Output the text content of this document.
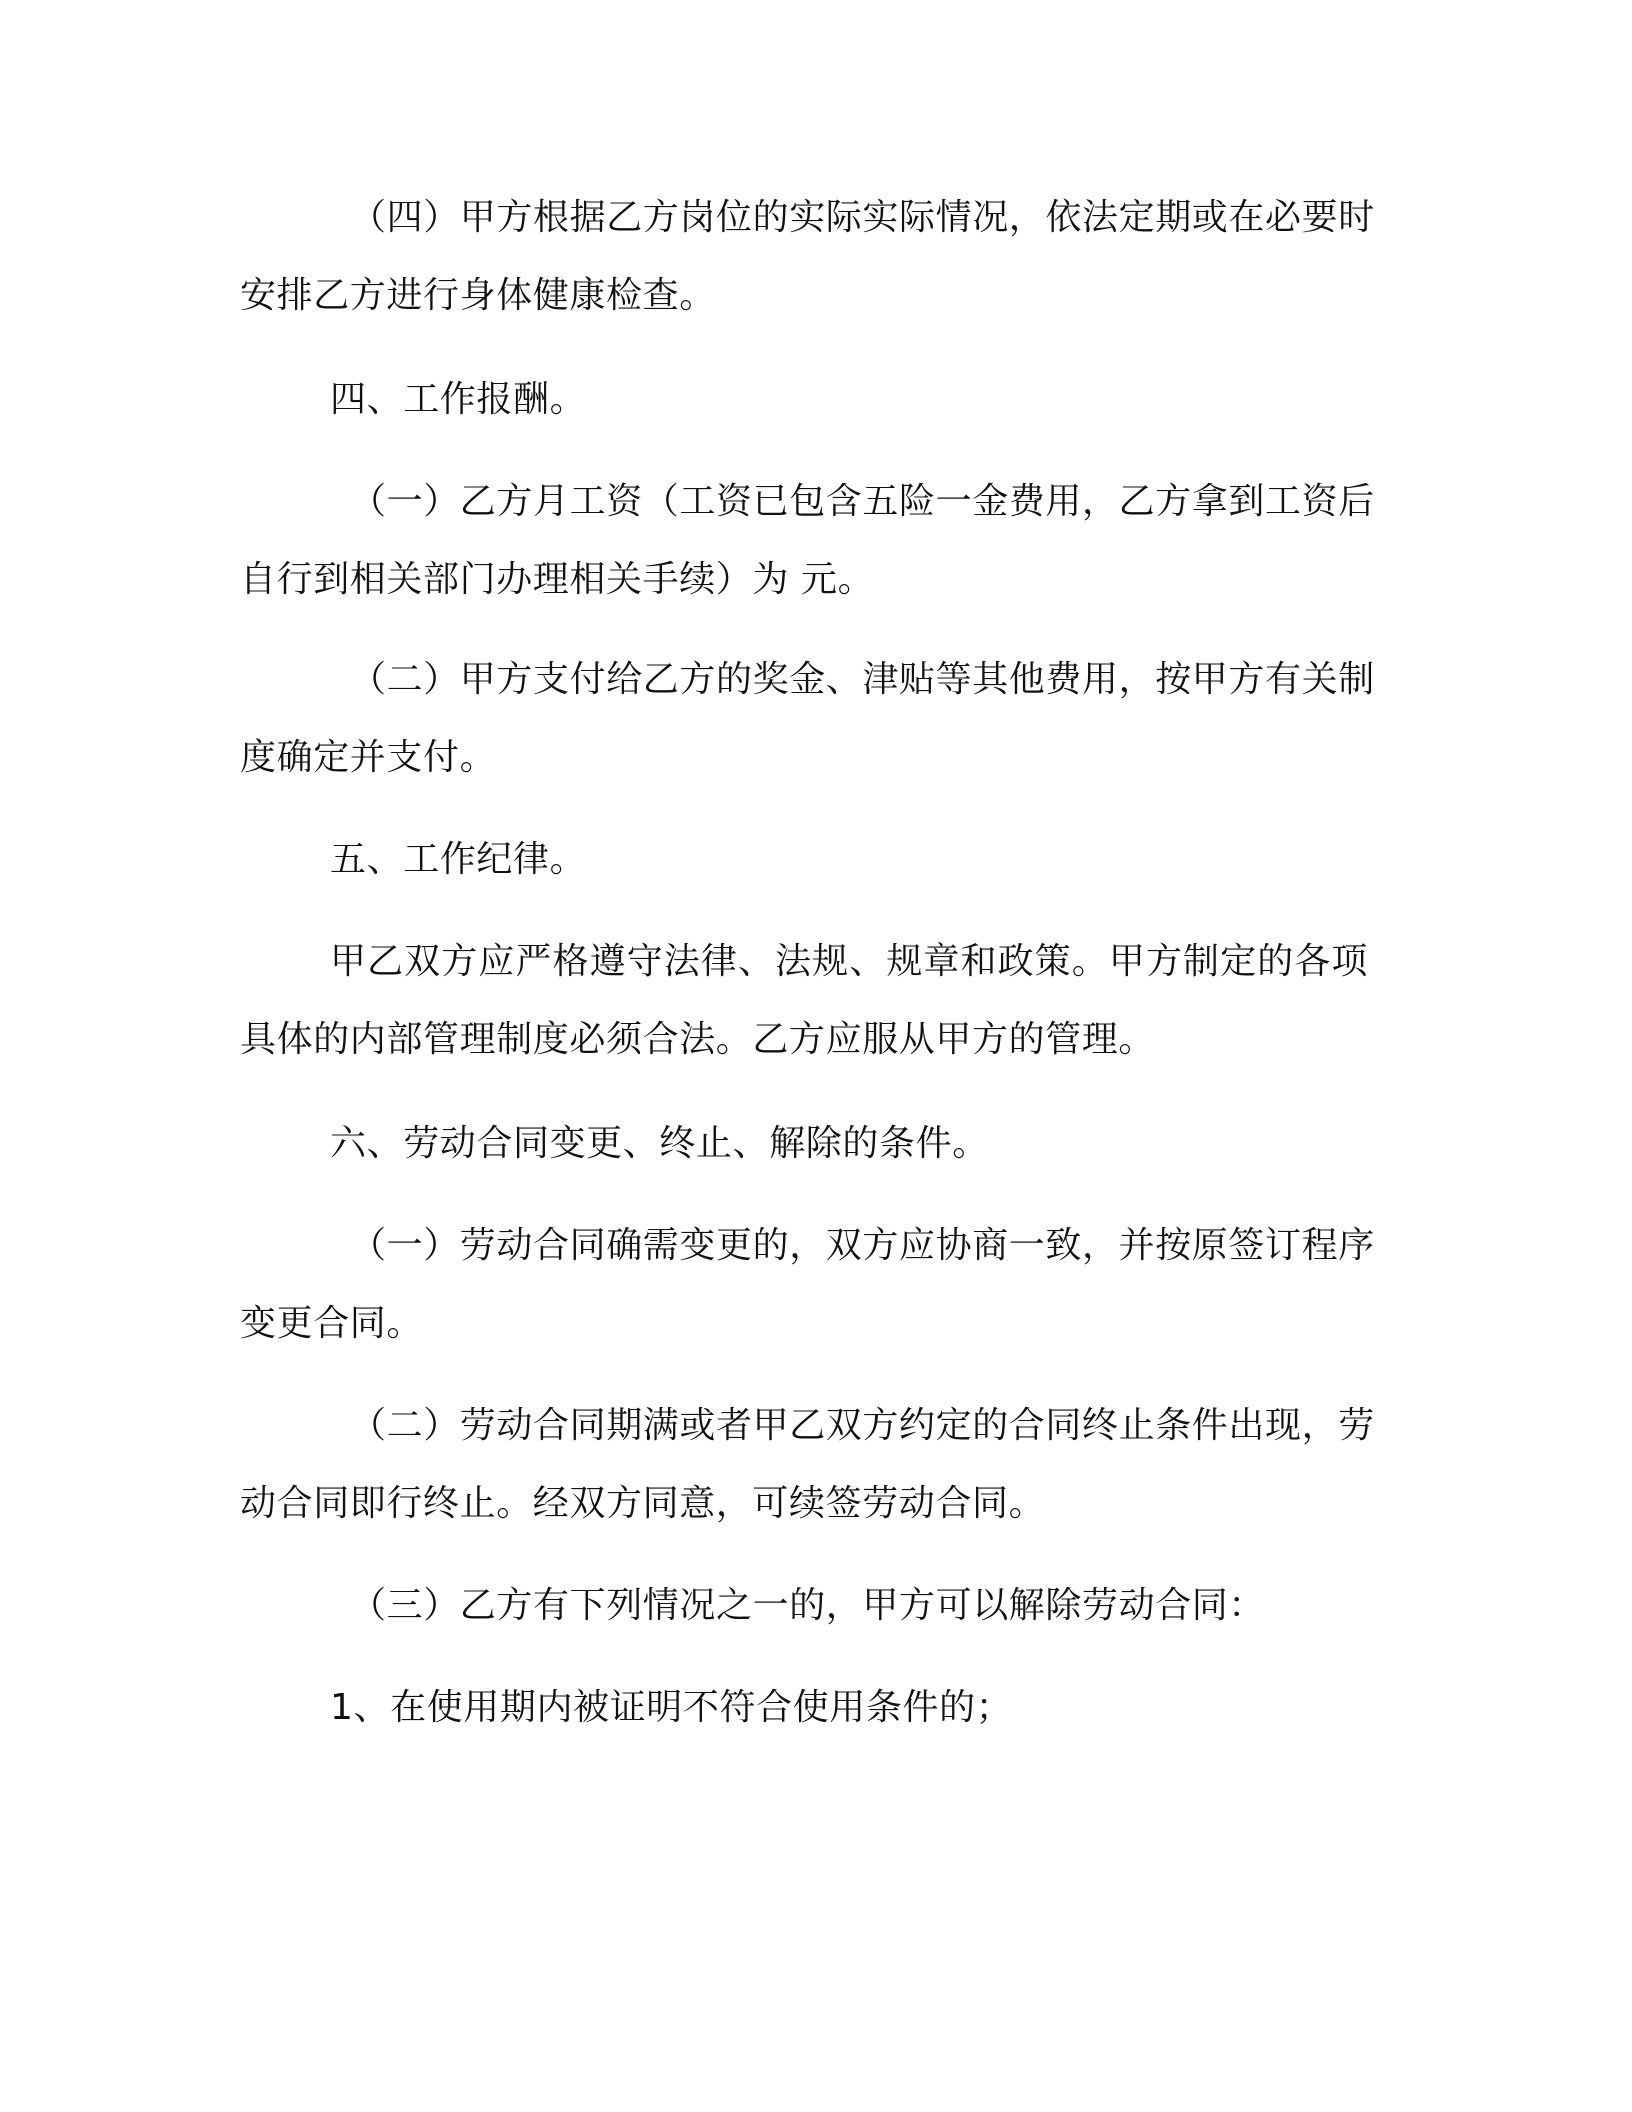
（四）甲方根据乙方岗位的实际实际情况，依法定期或在必要时

安排乙方进行身体健康检查。

四、工作报酬。

（一）乙方月工资（工资已包含五险一金费用，乙方拿到工资后

自行到相关部门办理相关手续）为 元。

（二）甲方支付给乙方的奖金、津贴等其他费用，按甲方有关制

度确定并支付。

五、工作纪律。

甲乙双方应严格遵守法律、法规、规章和政策。甲方制定的各项

具体的内部管理制度必须合法。乙方应服从甲方的管理。

六、劳动合同变更、终止、解除的条件。

（一）劳动合同确需变更的，双方应协商一致，并按原签订程序

变更合同。

（二）劳动合同期满或者甲乙双方约定的合同终止条件出现，劳

动合同即行终止。经双方同意，可续签劳动合同。

（三）乙方有下列情况之一的，甲方可以解除劳动合同：

1、在使用期内被证明不符合使用条件的；
